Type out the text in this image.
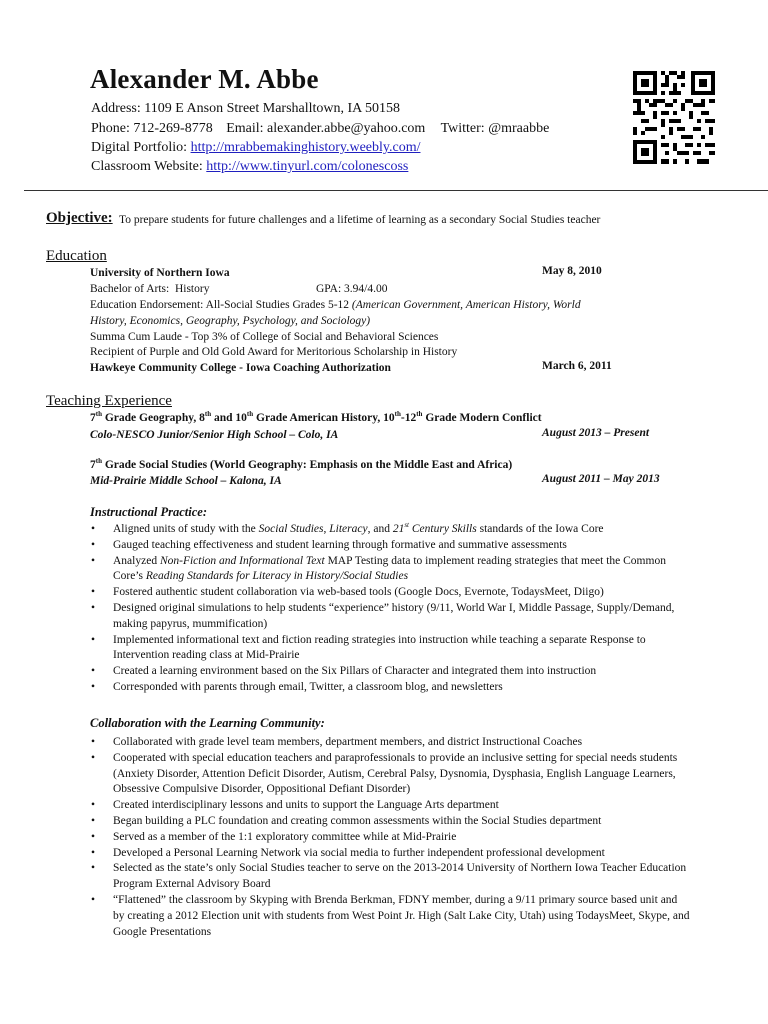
Alexander M. Abbe
Address: 1109 E Anson Street Marshalltown, IA 50158
Phone: 712-269-8778 Email: alexander.abbe@yahoo.com Twitter: @mraabbe
Digital Portfolio: http://mrabbemakinghistory.weebly.com/
Classroom Website: http://www.tinyurl.com/colonescoss
Objective: To prepare students for future challenges and a lifetime of learning as a secondary Social Studies teacher
Education
University of Northern Iowa	May 8, 2010
Bachelor of Arts: History	GPA: 3.94/4.00
Education Endorsement: All-Social Studies Grades 5-12 (American Government, American History, World
History, Economics, Geography, Psychology, and Sociology)
Summa Cum Laude - Top 3% of College of Social and Behavioral Sciences
Recipient of Purple and Old Gold Award for Meritorious Scholarship in History
Hawkeye Community College - Iowa Coaching Authorization	March 6, 2011
Teaching Experience
7th Grade Geography, 8th and 10th Grade American History, 10th-12th Grade Modern Conflict
Colo-NESCO Junior/Senior High School – Colo, IA	August 2013 – Present
7th Grade Social Studies (World Geography: Emphasis on the Middle East and Africa)
Mid-Prairie Middle School – Kalona, IA	August 2011 – May 2013
Instructional Practice:
• Aligned units of study with the Social Studies, Literacy, and 21st Century Skills standards of the Iowa Core
• Gauged teaching effectiveness and student learning through formative and summative assessments
• Analyzed Non-Fiction and Informational Text MAP Testing data to implement reading strategies that meet the Common Core’s Reading Standards for Literacy in History/Social Studies
• Fostered authentic student collaboration via web-based tools (Google Docs, Evernote, TodaysMeet, Diigo)
• Designed original simulations to help students “experience” history (9/11, World War I, Middle Passage, Supply/Demand, making papyrus, mummification)
• Implemented informational text and fiction reading strategies into instruction while teaching a separate Response to Intervention reading class at Mid-Prairie
• Created a learning environment based on the Six Pillars of Character and integrated them into instruction
• Corresponded with parents through email, Twitter, a classroom blog, and newsletters
Collaboration with the Learning Community:
• Collaborated with grade level team members, department members, and district Instructional Coaches
• Cooperated with special education teachers and paraprofessionals to provide an inclusive setting for special needs students (Anxiety Disorder, Attention Deficit Disorder, Autism, Cerebral Palsy, Dysnomia, Dysphasia, English Language Learners, Obsessive Compulsive Disorder, Oppositional Defiant Disorder)
• Created interdisciplinary lessons and units to support the Language Arts department
• Began building a PLC foundation and creating common assessments within the Social Studies department
• Served as a member of the 1:1 exploratory committee while at Mid-Prairie
• Developed a Personal Learning Network via social media to further independent professional development
• Selected as the state’s only Social Studies teacher to serve on the 2013-2014 University of Northern Iowa Teacher Education Program External Advisory Board
• “Flattened” the classroom by Skyping with Brenda Berkman, FDNY member, during a 9/11 primary source based unit and by creating a 2012 Election unit with students from West Point Jr. High (Salt Lake City, Utah) using TodaysMeet, Skype, and Google Presentations
